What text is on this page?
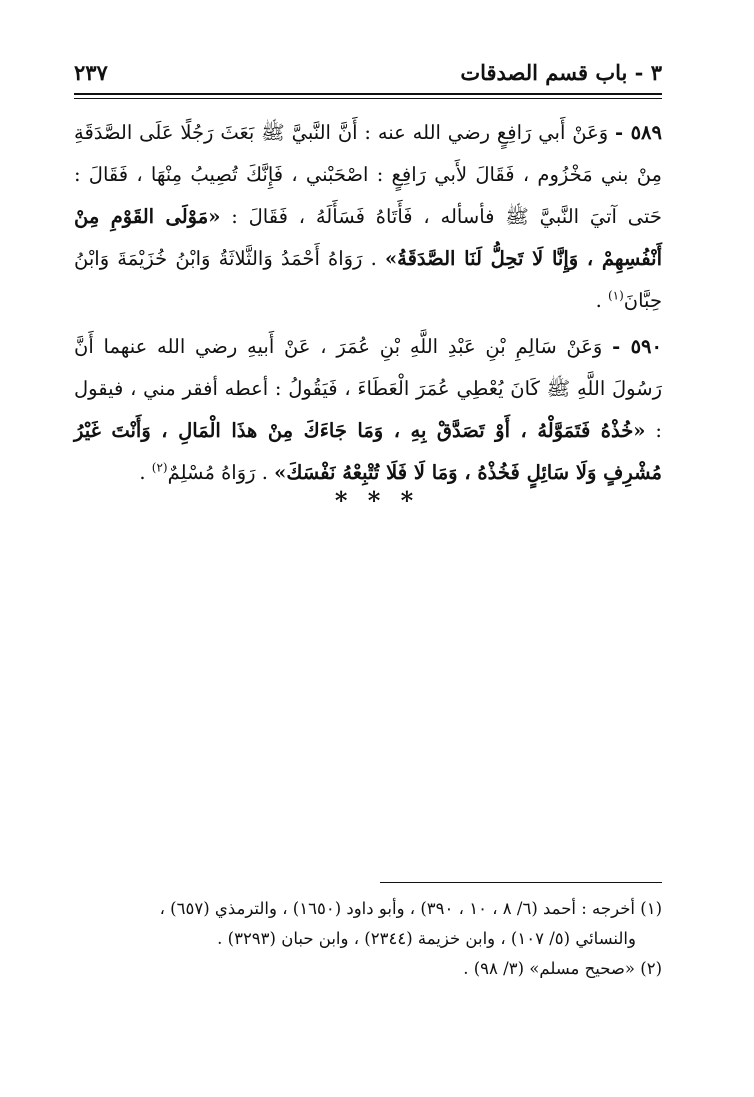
٣ - باب قسم الصدقات
٢٣٧

٥٨٩ - وَعَنْ أَبي رَافِعٍ رضي الله عنه : أَنَّ النَّبيَّ ﷺ بَعَثَ رَجُلًا عَلَى الصَّدَقَةِ مِنْ بني مَخْزُوم ، فَقَالَ لأَبي رَافِعٍ : اصْحَبْني ، فَإِنَّكَ تُصِيبُ مِنْهَا ، فَقَالَ : حَتى آتيَ النَّبيَّ ﷺ فأسأله ، فَأَتَاهُ فَسَأَلَهُ ، فَقَالَ : «مَوْلَى القَوْمِ مِنْ أَنْفُسِهِمْ ، وَإِنَّا لَا تَحِلُّ لَنَا الصَّدَقَةُ» . رَوَاهُ أَحْمَدُ وَالثَّلاثَةُ وَابْنُ خُزَيْمَةَ وَابْنُ حِبَّانَ$^{(١)}$ .

٥٩٠ - وَعَنْ سَالِمِ بْنِ عَبْدِ اللَّهِ بْنِ عُمَرَ ، عَنْ أَبيهِ رضي الله عنهما أَنَّ رَسُولَ اللَّهِ ﷺ كَانَ يُعْطِي عُمَرَ الْعَطَاءَ ، فَيَقُولُ : أعطه أفقر مني ، فيقول : «خُذْهُ فَتَمَوَّلْهُ ، أَوْ تَصَدَّقْ بِهِ ، وَمَا جَاءَكَ مِنْ هذَا الْمَالِ ، وَأَنْتَ غَيْرُ مُشْرِفٍ وَلَا سَائِلٍ فَخُذْهُ ، وَمَا لَا فَلَا تُتْبِعْهُ نَفْسَكَ» . رَوَاهُ مُسْلِمٌ$^{(٢)}$ .

* * *
(١) أخرجه : أحمد (٦/ ٨ ، ١٠ ، ٣٩٠) ، وأبو داود (١٦٥٠) ، والترمذي (٦٥٧) ،
والنسائي (٥/ ١٠٧) ، وابن خزيمة (٢٣٤٤) ، وابن حبان (٣٢٩٣) .
(٢) «صحيح مسلم» (٣/ ٩٨) .
